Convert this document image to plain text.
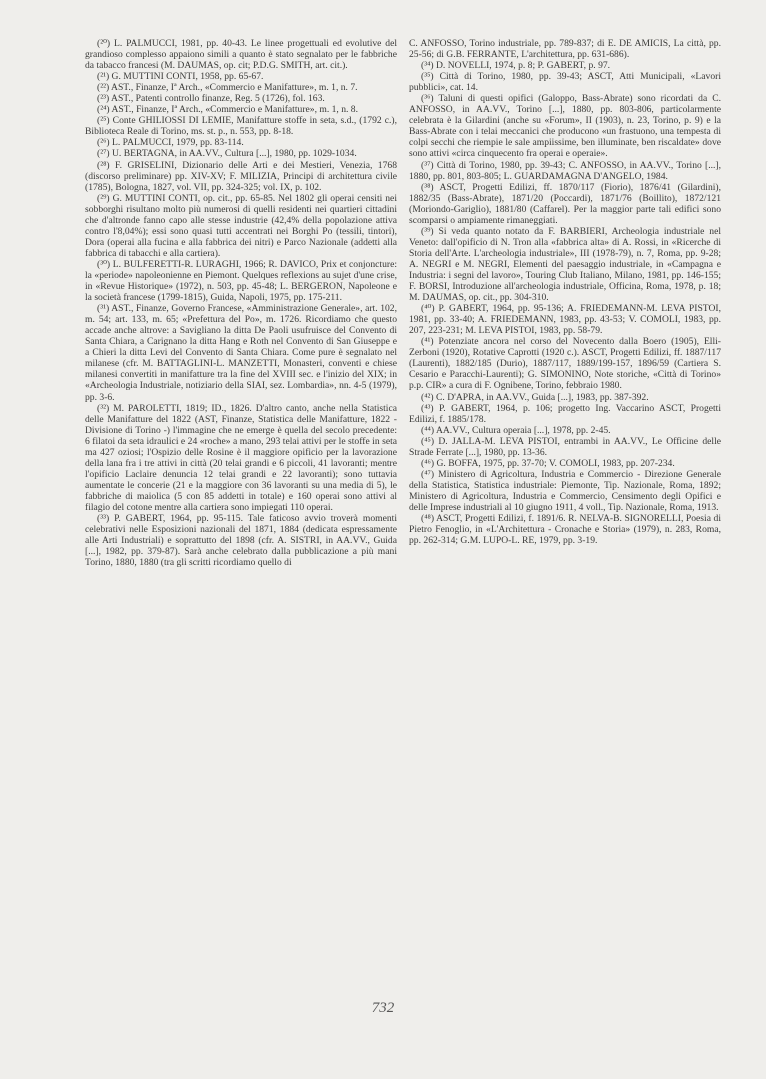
(²⁰) L. PALMUCCI, 1981, pp. 40-43. Le linee progettuali ed evolutive del grandioso complesso appaiono simili a quanto è stato segnalato per le fabbriche da tabacco francesi (M. DAUMAS, op. cit; P.D.G. SMITH, art. cit.).

(²¹) G. MUTTINI CONTI, 1958, pp. 65-67.

(²²) AST., Finanze, Iª Arch., «Commercio e Manifatture», m. 1, n. 7.

(²³) AST., Patenti controllo finanze, Reg. 5 (1726), fol. 163.

(²⁴) AST., Finanze, Iª Arch., «Commercio e Manifatture», m. 1, n. 8.

(²⁵) Conte GHILIOSSI DI LEMIE, Manifatture stoffe in seta, s.d., (1792 c.), Biblioteca Reale di Torino, ms. st. p., n. 553, pp. 8-18.

(²⁶) L. PALMUCCI, 1979, pp. 83-114.

(²⁷) U. BERTAGNA, in AA.VV., Cultura [...], 1980, pp. 1029-1034.

(²⁸) F. GRISELINI, Dizionario delle Arti e dei Mestieri, Venezia, 1768 (discorso preliminare) pp. XIV-XV; F. MILIZIA, Principi di architettura civile (1785), Bologna, 1827, vol. VII, pp. 324-325; vol. IX, p. 102.

(²⁹) G. MUTTINI CONTI, op. cit., pp. 65-85. Nel 1802 gli operai censiti nei sobborghi risultano molto più numerosi di quelli residenti nei quartieri cittadini che d'altronde fanno capo alle stesse industrie (42,4% della popolazione attiva contro l'8,04%); essi sono quasi tutti accentrati nei Borghi Po (tessili, tintori), Dora (operai alla fucina e alla fabbrica dei nitri) e Parco Nazionale (addetti alla fabbrica di tabacchi e alla cartiera).

(³⁰) L. BULFERETTI-R. LURAGHI, 1966; R. DAVICO, Prix et conjoncture: la «periode» napoleonienne en Piemont. Quelques reflexions au sujet d'une crise, in «Revue Historique» (1972), n. 503, pp. 45-48; L. BERGERON, Napoleone e la società francese (1799-1815), Guida, Napoli, 1975, pp. 175-211.

(³¹) AST., Finanze, Governo Francese, «Amministrazione Generale», art. 102, m. 54; art. 133, m. 65; «Prefettura del Po», m. 1726. Ricordiamo che questo accade anche altrove: a Savigliano la ditta De Paoli usufruisce del Convento di Santa Chiara, a Carignano la ditta Hang e Roth nel Convento di San Giuseppe e a Chieri la ditta Levi del Convento di Santa Chiara. Come pure è segnalato nel milanese (cfr. M. BATTAGLINI-L. MANZETTI, Monasteri, conventi e chiese milanesi convertiti in manifatture tra la fine del XVIII sec. e l'inizio del XIX; in «Archeologia Industriale, notiziario della SIAI, sez. Lombardia», nn. 4-5 (1979), pp. 3-6.

(³²) M. PAROLETTI, 1819; ID., 1826. D'altro canto, anche nella Statistica delle Manifatture del 1822 (AST, Finanze, Statistica delle Manifatture, 1822 - Divisione di Torino -) l'immagine che ne emerge è quella del secolo precedente: 6 filatoi da seta idraulici e 24 «roche» a mano, 293 telai attivi per le stoffe in seta ma 427 oziosi; l'Ospizio delle Rosine è il maggiore opificio per la lavorazione della lana fra i tre attivi in città (20 telai grandi e 6 piccoli, 41 lavoranti; mentre l'opificio Laclaire denuncia 12 telai grandi e 22 lavoranti); sono tuttavia aumentate le concerie (21 e la maggiore con 36 lavoranti su una media di 5), le fabbriche di maiolica (5 con 85 addetti in totale) e 160 operai sono attivi al filagio del cotone mentre alla cartiera sono impiegati 110 operai.

(³³) P. GABERT, 1964, pp. 95-115. Tale faticoso avvio troverà momenti celebrativi nelle Esposizioni nazionali del 1871, 1884 (dedicata espressamente alle Arti Industriali) e soprattutto del 1898 (cfr. A. SISTRI, in AA.VV., Guida [...], 1982, pp. 379-87). Sarà anche celebrato dalla pubblicazione a più mani Torino, 1880, 1880 (tra gli scritti ricordiamo quello di

C. ANFOSSO, Torino industriale, pp. 789-837; di E. DE AMICIS, La città, pp. 25-56; di G.B. FERRANTE, L'architettura, pp. 631-686).

(³⁴) D. NOVELLI, 1974, p. 8; P. GABERT, p. 97.

(³⁵) Città di Torino, 1980, pp. 39-43; ASCT, Atti Municipali, «Lavori pubblici», cat. 14.

(³⁶) Taluni di questi opifici (Galoppo, Bass-Abrate) sono ricordati da C. ANFOSSO, in AA.VV., Torino [...], 1880, pp. 803-806, particolarmente celebrata è la Gilardini (anche su «Forum», II (1903), n. 23, Torino, p. 9) e la Bass-Abrate con i telai meccanici che producono «un frastuono, una tempesta di colpi secchi che riempie le sale ampiissime, ben illuminate, ben riscaldate» dove sono attivi «circa cinquecento fra operai e operaie».

(³⁷) Città di Torino, 1980, pp. 39-43; C. ANFOSSO, in AA.VV., Torino [...], 1880, pp. 801, 803-805; L. GUARDAMAGNA D'ANGELO, 1984.

(³⁸) ASCT, Progetti Edilizi, ff. 1870/117 (Fiorio), 1876/41 (Gilardini), 1882/35 (Bass-Abrate), 1871/20 (Poccardi), 1871/76 (Boillito), 1872/121 (Moriondo-Gariglio), 1881/80 (Caffarel). Per la maggior parte tali edifici sono scomparsi o ampiamente rimaneggiati.

(³⁹) Si veda quanto notato da F. BARBIERI, Archeologia industriale nel Veneto: dall'opificio di N. Tron alla «fabbrica alta» di A. Rossi, in «Ricerche di Storia dell'Arte. L'archeologia industriale», III (1978-79), n. 7, Roma, pp. 9-28; A. NEGRI e M. NEGRI, Elementi del paesaggio industriale, in «Campagna e Industria: i segni del lavoro», Touring Club Italiano, Milano, 1981, pp. 146-155; F. BORSI, Introduzione all'archeologia industriale, Officina, Roma, 1978, p. 18; M. DAUMAS, op. cit., pp. 304-310.

(⁴⁰) P. GABERT, 1964, pp. 95-136; A. FRIEDEMANN-M. LEVA PISTOI, 1981, pp. 33-40; A. FRIEDEMANN, 1983, pp. 43-53; V. COMOLI, 1983, pp. 207, 223-231; M. LEVA PISTOI, 1983, pp. 58-79.

(⁴¹) Potenziate ancora nel corso del Novecento dalla Boero (1905), Elli-Zerboni (1920), Rotative Caprotti (1920 c.). ASCT, Progetti Edilizi, ff. 1887/117 (Laurenti), 1882/185 (Durio), 1887/117, 1889/199-157, 1896/59 (Cartiera S. Cesario e Paracchi-Laurenti); G. SIMONINO, Note storiche, «Città di Torino» p.p. CIR» a cura di F. Ognibene, Torino, febbraio 1980.

(⁴²) C. D'APRA, in AA.VV., Guida [...], 1983, pp. 387-392.

(⁴³) P. GABERT, 1964, p. 106; progetto Ing. Vaccarino ASCT, Progetti Edilizi, f. 1885/178.

(⁴⁴) AA.VV., Cultura operaia [...], 1978, pp. 2-45.

(⁴⁵) D. JALLA-M. LEVA PISTOI, entrambi in AA.VV., Le Officine delle Strade Ferrate [...], 1980, pp. 13-36.

(⁴⁶) G. BOFFA, 1975, pp. 37-70; V. COMOLI, 1983, pp. 207-234.

(⁴⁷) Ministero di Agricoltura, Industria e Commercio - Direzione Generale della Statistica, Statistica industriale: Piemonte, Tip. Nazionale, Roma, 1892; Ministero di Agricoltura, Industria e Commercio, Censimento degli Opifici e delle Imprese industriali al 10 giugno 1911, 4 voll., Tip. Nazionale, Roma, 1913.

(⁴⁸) ASCT, Progetti Edilizi, f. 1891/6. R. NELVA-B. SIGNORELLI, Poesia di Pietro Fenoglio, in «L'Architettura - Cronache e Storia» (1979), n. 283, Roma, pp. 262-314; G.M. LUPO-L. RE, 1979, pp. 3-19.

732
